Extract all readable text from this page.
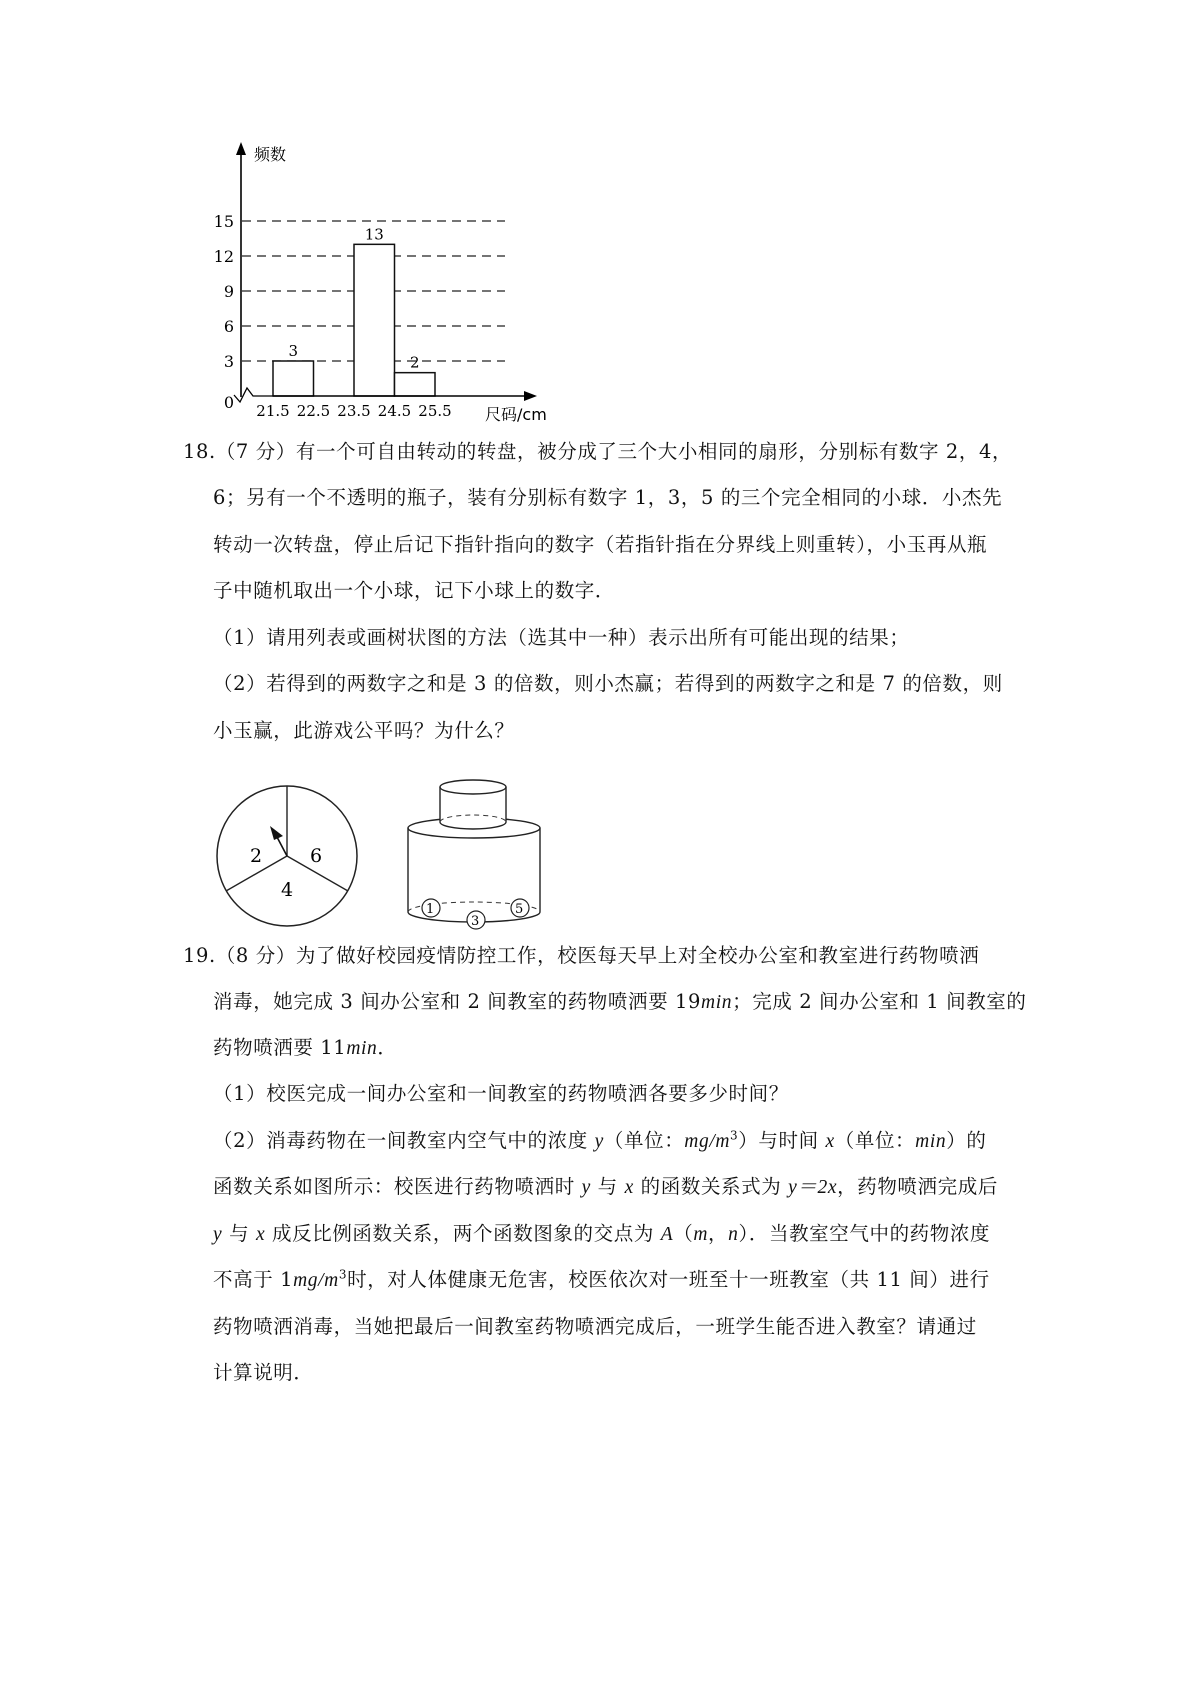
频数
尺码/cm
0
3
6
9
12
15
21.5 22.5 23.5 24.5 25.5
3
13
2
18.（7 分）有一个可自由转动的转盘，被分成了三个大小相同的扇形，分别标有数字 2，4，
6；另有一个不透明的瓶子，装有分别标有数字 1，3，5 的三个完全相同的小球．小杰先
转动一次转盘，停止后记下指针指向的数字（若指针指在分界线上则重转），小玉再从瓶
子中随机取出一个小球，记下小球上的数字．
（1）请用列表或画树状图的方法（选其中一种）表示出所有可能出现的结果；
（2）若得到的两数字之和是 3 的倍数，则小杰赢；若得到的两数字之和是 7 的倍数，则
小玉赢，此游戏公平吗？为什么？
2	6
4
1
3
5
19.（8 分）为了做好校园疫情防控工作，校医每天早上对全校办公室和教室进行药物喷洒
消毒，她完成 3 间办公室和 2 间教室的药物喷洒要 19min；完成 2 间办公室和 1 间教室的
药物喷洒要 11min．
（1）校医完成一间办公室和一间教室的药物喷洒各要多少时间？
（2）消毒药物在一间教室内空气中的浓度 y（单位：$mg/m^3$）与时间 x（单位：min）的
函数关系如图所示：校医进行药物喷洒时 y 与 x 的函数关系式为 y＝2x，药物喷洒完成后
y 与 x 成反比例函数关系，两个函数图象的交点为 A（m，n）．当教室空气中的药物浓度
不高于 $1mg/m^3$时，对人体健康无危害，校医依次对一班至十一班教室（共 11 间）进行
药物喷洒消毒，当她把最后一间教室药物喷洒完成后，一班学生能否进入教室？请通过
计算说明．
